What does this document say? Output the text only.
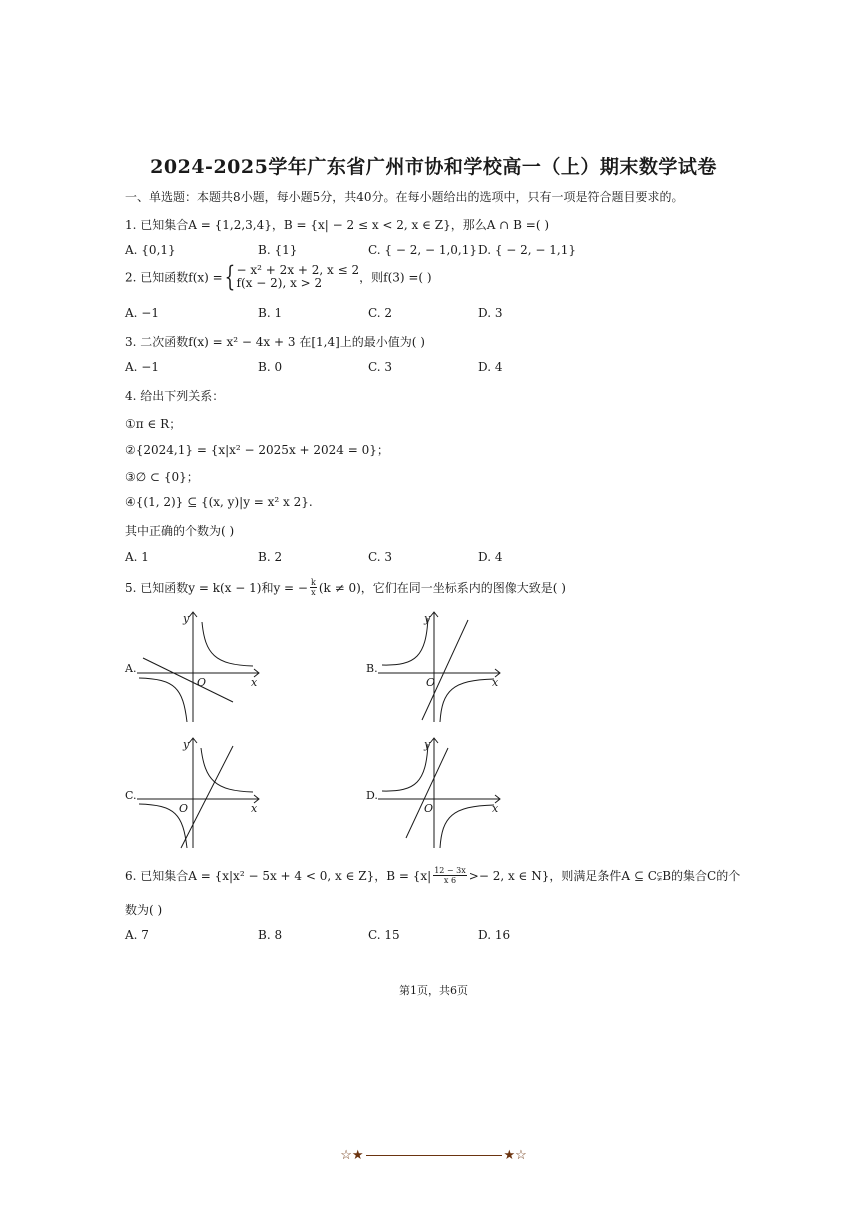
2024-2025学年广东省广州市协和学校高一（上）期末数学试卷
一、单选题：本题共8小题，每小题5分，共40分。在每小题给出的选项中，只有一项是符合题目要求的。
1. 已知集合A = {1,2,3,4}，B = {x| − 2 ≤ x < 2, x ∈ Z}，那么A ∩ B =( )
A. {0,1}	B. {1}	C. { − 2, − 1,0,1} D. { − 2, − 1,1}
2. 已知函数f(x) ={ − x² + 2x + 2, x ≤ 2
f(x − 2), x > 2	，则f(3) =( )
A. −1	B. 1	C. 2	D. 3
3. 二次函数f(x) = x² − 4x + 3 在[1,4]上的最小值为( )
A. −1	B. 0	C. 3	D. 4
4. 给出下列关系：
①π ∈ R；
②{2024,1} = {x|x² − 2025x + 2024 = 0}；
③∅ ⊂ {0}；
④{(1, 2)} ⊆ {(x, y)|y = x² x 2}.
其中正确的个数为( )
A. 1	B. 2	C. 3	D. 4
5. 已知函数y = k(x − 1)和y = − $\frac{k}{x} (k \ne 0)$，它们在同一坐标系内的图像大致是( )
A.
y
x
O
B.
y
x
O
C.
y
x
O
D.
y
x
O
6. 已知集合A = {x|x² − 5x + 4 < 0, x ∈ Z}，$B = \{x| \frac{12 - 3x}{x 6} >- 2$, x ∈ N}，则满足条件A ⊆ C⫋B的集合C的个
数为( )
A. 7	B. 8	C. 15	D. 16
第1页，共6页
☆★	★☆
